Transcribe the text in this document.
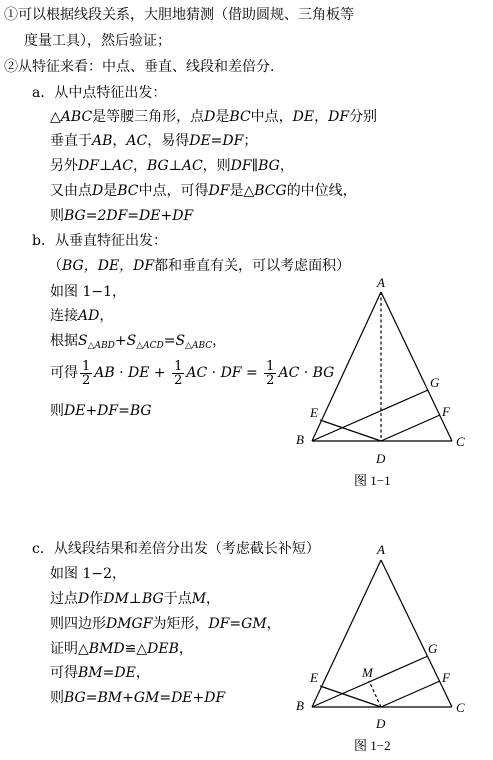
①可以根据线段关系，大胆地猜测（借助圆规、三角板等
度量工具），然后验证；
②从特征来看：中点、垂直、线段和差倍分.
a．从中点特征出发：
△ABC是等腰三角形，点D是BC中点，DE，DF分别
垂直于AB，AC，易得DE=DF；
另外DF⊥AC，BG⊥AC，则DF∥BG，
又由点D是BC中点，可得DF是△BCG的中位线，
则BG=2DF=DE+DF
b．从垂直特征出发：
（BG，DE，DF都和垂直有关，可以考虑面积）
如图 1−1，
连接AD，
根据$S_{\triangle ABD}+S_{\triangle ACD}=S_{\triangle ABC}$，
可得 $\frac{1}{2}$ AB · DE + $\frac{1}{2}$ AC · DF = $\frac{1}{2}$ AC · BG
则DE+DF=BG
c．从线段结果和差倍分出发（考虑截长补短）
如图 1−2，
过点D作DM⊥BG于点M，
则四边形DMGF为矩形，DF=GM，
证明△BMD≌△DEB，
可得BM=DE，
则BG=BM+GM=DE+DF
A
B	C
D
E	F
G
图 1−1
A
B	C
D
E	F
G
M
图 1−2
